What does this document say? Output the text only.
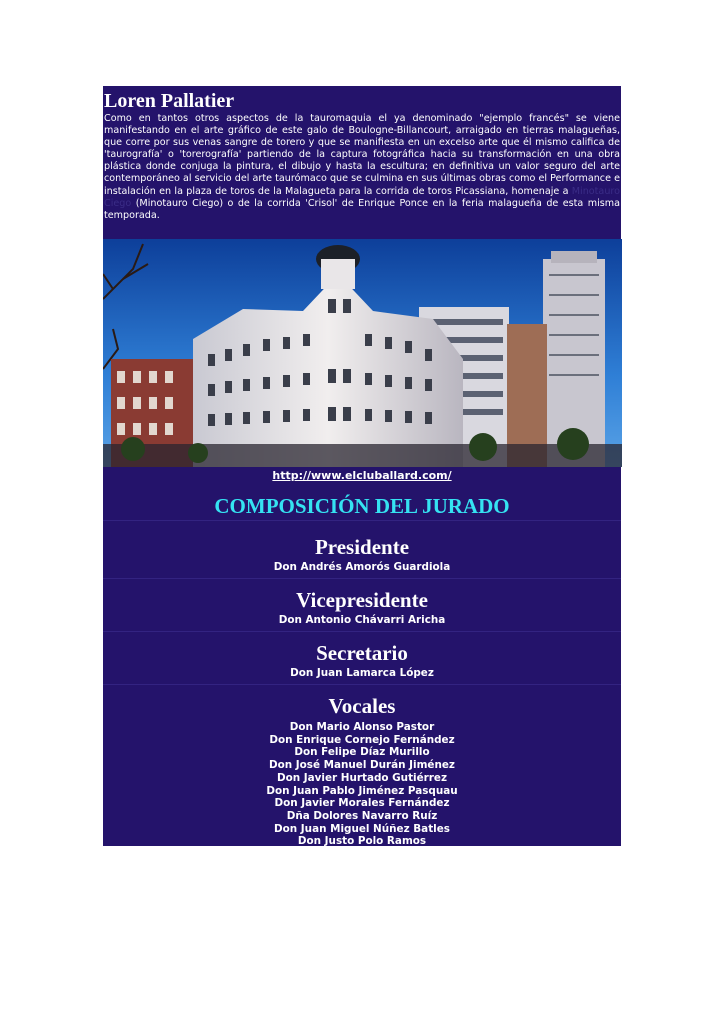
Loren Pallatier

Como en tantos otros aspectos de la tauromaquia el ya denominado "ejemplo francés" se viene manifestando en el arte gráfico de este galo de Boulogne-Billancourt, arraigado en tierras malagueñas, que corre por sus venas sangre de torero y que se manifiesta en un excelso arte que él mismo califica de 'taurografía' o 'torerografía' partiendo de la captura fotográfica hacia su transformación en una obra plástica donde conjuga la pintura, el dibujo y hasta la escultura; en definitiva un valor seguro del arte contemporáneo al servicio del arte taurómaco que se culmina en sus últimas obras como el Performance e instalación en la plaza de toros de la Malagueta para la corrida de toros Picassiana, homenaje a Minotauro Ciego (Minotauro Ciego) o de la corrida 'Crisol' de Enrique Ponce en la feria malagueña de esta misma temporada.

http://www.elcluballard.com/
COMPOSICIÓN DEL JURADO
Presidente
Don Andrés Amorós Guardiola
Vicepresidente
Don Antonio Chávarri Aricha
Secretario
Don Juan Lamarca López
Vocales
Don Mario Alonso Pastor
Don Enrique Cornejo Fernández
Don Felipe Díaz Murillo
Don José Manuel Durán Jiménez
Don Javier Hurtado Gutiérrez
Don Juan Pablo Jiménez Pasquau
Don Javier Morales Fernández
Dña Dolores Navarro Ruíz
Don Juan Miguel Núñez Batles
Don Justo Polo Ramos
